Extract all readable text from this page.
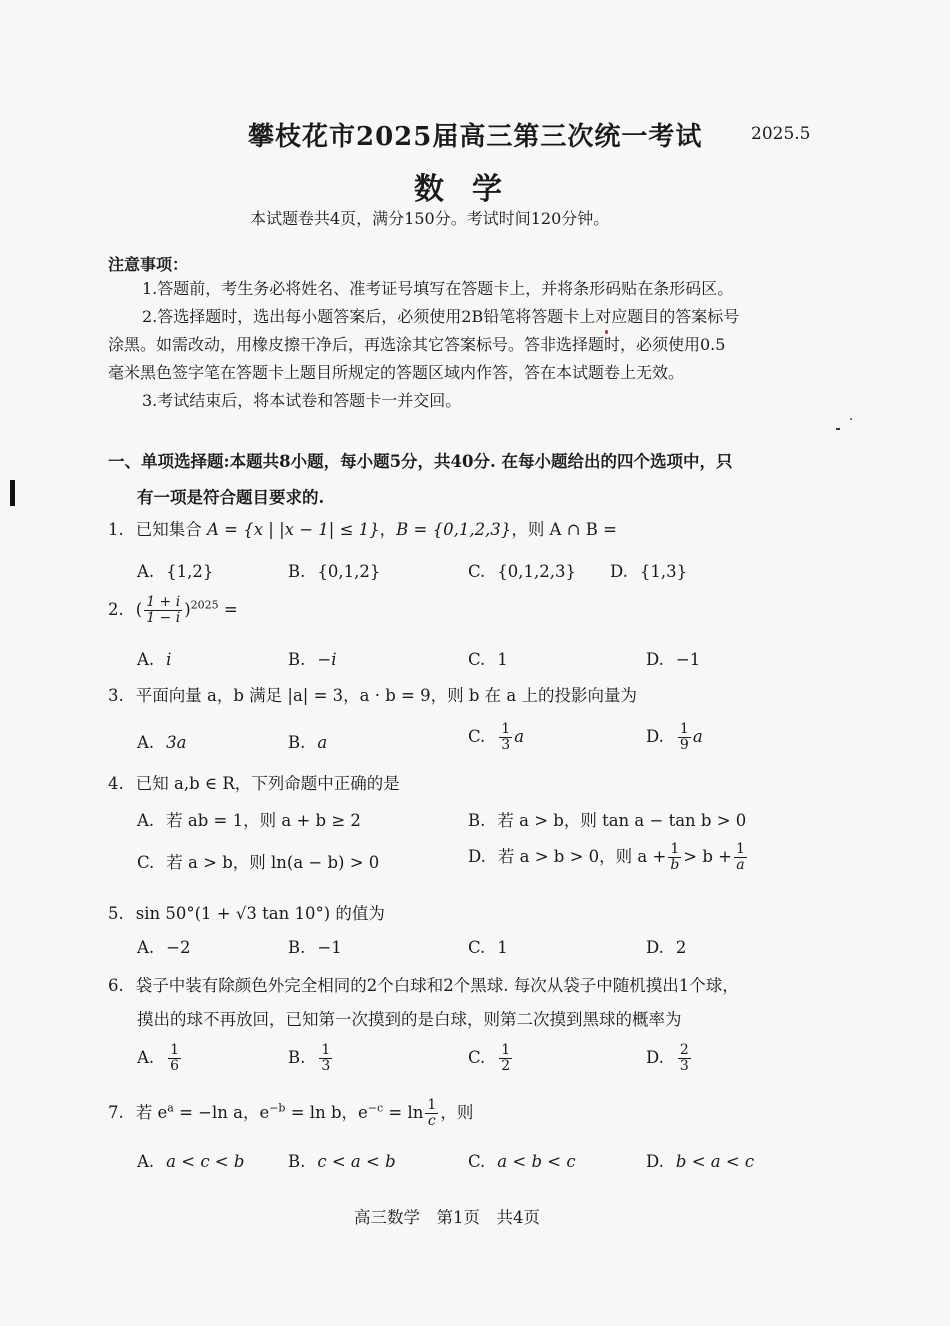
攀枝花市2025届高三第三次统一考试	2025.5
数学
本试题卷共4页，满分150分。考试时间120分钟。
注意事项：
1.答题前，考生务必将姓名、准考证号填写在答题卡上，并将条形码贴在条形码区。
2.答选择题时，选出每小题答案后，必须使用2B铅笔将答题卡上对应题目的答案标号
涂黑。如需改动，用橡皮擦干净后，再选涂其它答案标号。答非选择题时，必须使用0.5
毫米黑色签字笔在答题卡上题目所规定的答题区域内作答，答在本试题卷上无效。
3.考试结束后，将本试卷和答题卡一并交回。
一、单项选择题:本题共8小题，每小题5分，共40分. 在每小题给出的四个选项中，只
有一项是符合题目要求的.
1. 已知集合 A = {x | |x − 1| ≤ 1}，B = {0,1,2,3}，则 A ∩ B =
A. {1,2}	B. {0,1,2}	C. {0,1,2,3} D. {1,3}
2. ( $\frac{1 + i}{1 - i} )^{2025}$ =
A. i	B. −i	C. 1	D. −1
3. 平面向量 a，b 满足 |a| = 3，a · b = 9，则 b 在 a 上的投影向量为
A. 3a	B. a	C. $\frac{1}{3}$ a	D. $\frac{1}{9}$ a
4. 已知 a,b ∈ R，下列命题中正确的是
A. 若 ab = 1，则 a + b ≥ 2	B. 若 a > b，则 tan a − tan b > 0
C. 若 a > b，则 ln(a − b) > 0	D. 若 a > b > 0，则 $a + \frac{1}{b} > b + \frac{1}{a}$
5. sin 50°(1 + √3 tan 10°) 的值为
A. −2	B. −1	C. 1	D. 2
6. 袋子中装有除颜色外完全相同的2个白球和2个黑球. 每次从袋子中随机摸出1个球，
摸出的球不再放回，已知第一次摸到的是白球，则第二次摸到黑球的概率为
A. $\frac{1}{6}$	B. $\frac{1}{3}$	C. $\frac{1}{2}$	D. $\frac{2}{3}$
7. 若 $e^a = -\ln$ a，$e^{-b} = \ln b$，$e^{-c} = \ln \frac{1}{c}$ ，则
A. a < c < b	B. c < a < b	C. a < b < c	D. b < a < c
高三数学　第1页　共4页
